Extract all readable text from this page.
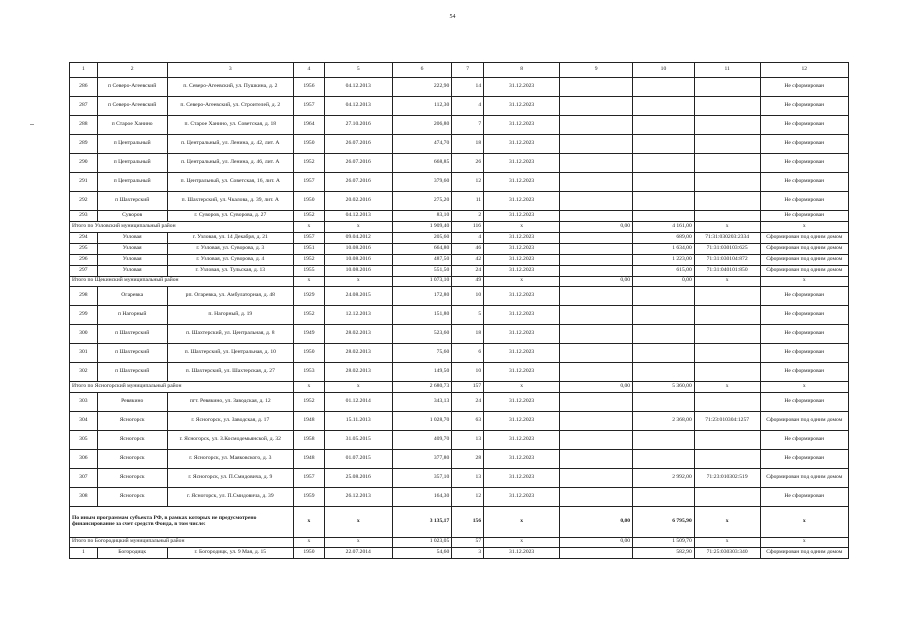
54
1	2	3	4	5	6	7	8	9	10	11	12
286	п Северо-Агеевский	п. Северо-Агеевский, ул. Пушкина, д. 2	1956	04.12.2013	222,90	14	31.12.2023				Не сформирован
287	п Северо-Агеевский	п. Северо-Агеевский, ул. Строителей, д. 2	1957	04.12.2013	112,30	4	31.12.2023				Не сформирован
288	п Старое Ханино	п. Старое Ханино, ул. Советская, д. 18	1964	27.10.2016	206,80	7	31.12.2023				Не сформирован
289	п Центральный	п. Центральный, ул. Ленина, д. 42, лит. А	1950	26.07.2016	474,70	18	31.12.2023				Не сформирован
290	п Центральный	п. Центральный, ул. Ленина, д. 46, лит. А	1952	26.07.2016	668,85	26	31.12.2023				Не сформирован
291	п Центральный	п. Центральный, ул. Советская, 16, лит. А	1957	26.07.2016	379,60	12	31.12.2023				Не сформирован
292	п Шахтерский	п. Шахтерский, ул. Чкалова, д. 39, лит. А	1950	20.02.2016	275,20	11	31.12.2023				Не сформирован
293	Суворов	г. Суворов, ул. Суворова, д. 27	1952	04.12.2013	83,10	2	31.12.2023				Не сформирован
Итого по Узловский муниципальный район			x	x	1 909,40	116	x	0,00	4 161,00	x	x
294	Узловая	г. Узловая, ул. 14 Декабря, д. 21	1957	09.04.2012	205,60	4	31.12.2023		689,00	71:31:030203:2334	Сформирован под одним домом
295	Узловая	г. Узловая, ул. Суворова, д. 3	1951	10.08.2016	664,80	46	31.12.2023		1 634,00	71:31:030103:625	Сформирован под одним домом
296	Узловая	г. Узловая, ул. Суворова, д. 4	1952	10.08.2016	487,50	42	31.12.2023		1 223,00	71:31:030104:872	Сформирован под одним домом
297	Узловая	г. Узловая, ул. Тульская, д. 13	1955	10.08.2016	551,50	24	31.12.2023		615,00	71:31:040101:850	Сформирован под одним домом
Итого по Щекинский муниципальный район			x	x	1 073,10	49	x	0,00	0,00	x	x
298	Огаревка	рп. Огаревка, ул. Амбулаторная, д. 48	1929	24.08.2015	172,80	10	31.12.2023				Не сформирован
299	п Нагорный	п. Нагорный, д. 19	1952	12.12.2013	151,80	5	31.12.2023				Не сформирован
300	п Шахтерский	п. Шахтерский, ул. Центральная, д. 8	1949	28.02.2013	523,60	18	31.12.2023				Не сформирован
301	п Шахтерский	п. Шахтерский, ул. Центральная, д. 10	1950	28.02.2013	75,60	6	31.12.2023				Не сформирован
302	п Шахтерский	п. Шахтерский, ул. Шахтерская, д. 27	1953	28.02.2013	149,50	10	31.12.2023				Не сформирован
Итого по Ясногорский муниципальный район			x	x	2 680,73	157	x	0,00	5 360,00	x	x
303	Ревякино	пгт. Ревякино, ул. Заводская, д. 12	1952	01.12.2014	343,13	24	31.12.2023				Не сформирован
304	Ясногорск	г. Ясногорск, ул. Заводская, д. 17	1948	15.11.2013	1 028,70	63	31.12.2023		2 368,00	71:23:010304:1257	Сформирован под одним домом
305	Ясногорск	г. Ясногорск, ул. З.Космодемьянской, д. 32	1958	31.05.2015	409,70	13	31.12.2023				Не сформирован
306	Ясногорск	г. Ясногорск, ул. Маяковского, д. 3	1948	01.07.2015	377,80	28	31.12.2023				Не сформирован
307	Ясногорск	г. Ясногорск, ул. П.Смидовича, д. 9	1957	25.08.2016	357,10	13	31.12.2023		2 992,00	71:23:010302:519	Сформирован под одним домом
308	Ясногорск	г. Ясногорск, ул. П.Смидовича, д. 39	1959	26.12.2013	164,30	12	31.12.2023				Не сформирован
По иным программам субъекта РФ, в рамках которых не предусмотрено финансирование за счет средств Фонда, в том числе:			x	x	3 135,17	156	x	0,00	6 795,90	x	x
Итого по Богородицкий муниципальный район			x	x	1 023,05	57	x	0,00	1 509,70	x	x
1	Богородицк	г. Богородицк, ул. 9 Мая, д. 15	1950	22.07.2014	54,60	3	31.12.2023		582,90	71:25:030303:340	Сформирован под одним домом
